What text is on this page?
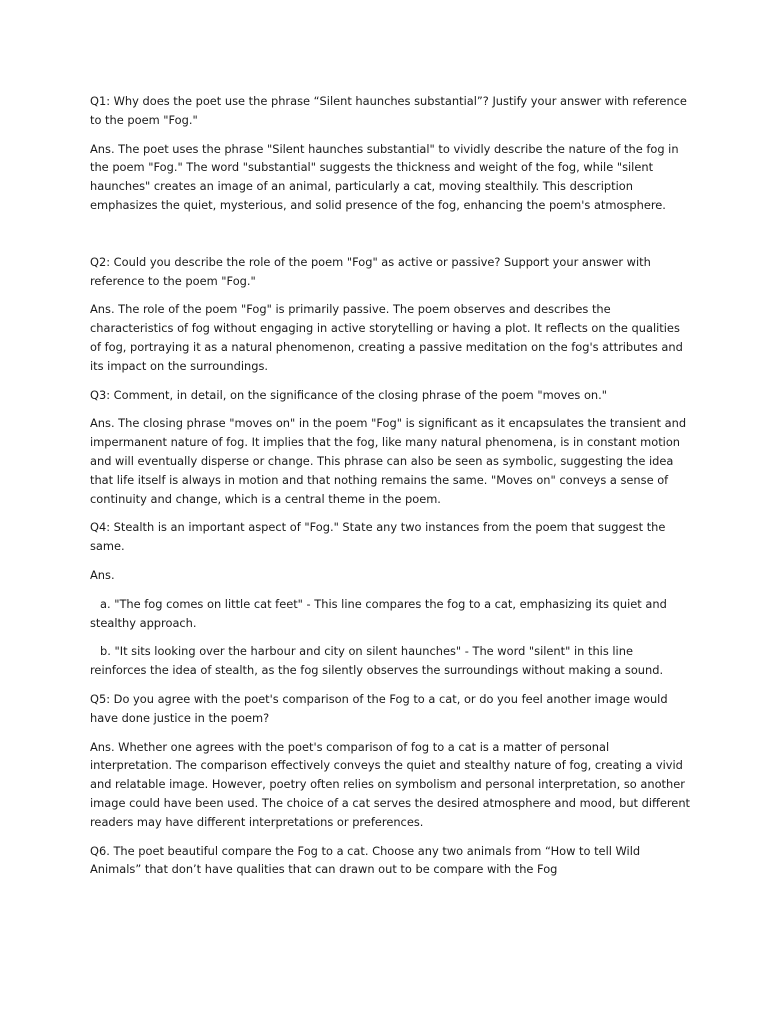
Q1: Why does the poet use the phrase “Silent haunches substantial”? Justify your answer with reference to the poem "Fog."

Ans. The poet uses the phrase "Silent haunches substantial" to vividly describe the nature of the fog in the poem "Fog." The word "substantial" suggests the thickness and weight of the fog, while "silent haunches" creates an image of an animal, particularly a cat, moving stealthily. This description emphasizes the quiet, mysterious, and solid presence of the fog, enhancing the poem's atmosphere.

Q2: Could you describe the role of the poem "Fog" as active or passive? Support your answer with reference to the poem "Fog."

Ans. The role of the poem "Fog" is primarily passive. The poem observes and describes the characteristics of fog without engaging in active storytelling or having a plot. It reflects on the qualities of fog, portraying it as a natural phenomenon, creating a passive meditation on the fog's attributes and its impact on the surroundings.

Q3: Comment, in detail, on the significance of the closing phrase of the poem "moves on."

Ans. The closing phrase "moves on" in the poem "Fog" is significant as it encapsulates the transient and impermanent nature of fog. It implies that the fog, like many natural phenomena, is in constant motion and will eventually disperse or change. This phrase can also be seen as symbolic, suggesting the idea that life itself is always in motion and that nothing remains the same. "Moves on" conveys a sense of continuity and change, which is a central theme in the poem.

Q4: Stealth is an important aspect of "Fog." State any two instances from the poem that suggest the same.

Ans.

a. "The fog comes on little cat feet" - This line compares the fog to a cat, emphasizing its quiet and stealthy approach.

b. "It sits looking over the harbour and city on silent haunches" - The word "silent" in this line reinforces the idea of stealth, as the fog silently observes the surroundings without making a sound.

Q5: Do you agree with the poet's comparison of the Fog to a cat, or do you feel another image would have done justice in the poem?

Ans. Whether one agrees with the poet's comparison of fog to a cat is a matter of personal interpretation. The comparison effectively conveys the quiet and stealthy nature of fog, creating a vivid and relatable image. However, poetry often relies on symbolism and personal interpretation, so another image could have been used. The choice of a cat serves the desired atmosphere and mood, but different readers may have different interpretations or preferences.

Q6. The poet beautiful compare the Fog to a cat. Choose any two animals from “How to tell Wild Animals” that don’t have qualities that can drawn out to be compare with the Fog
